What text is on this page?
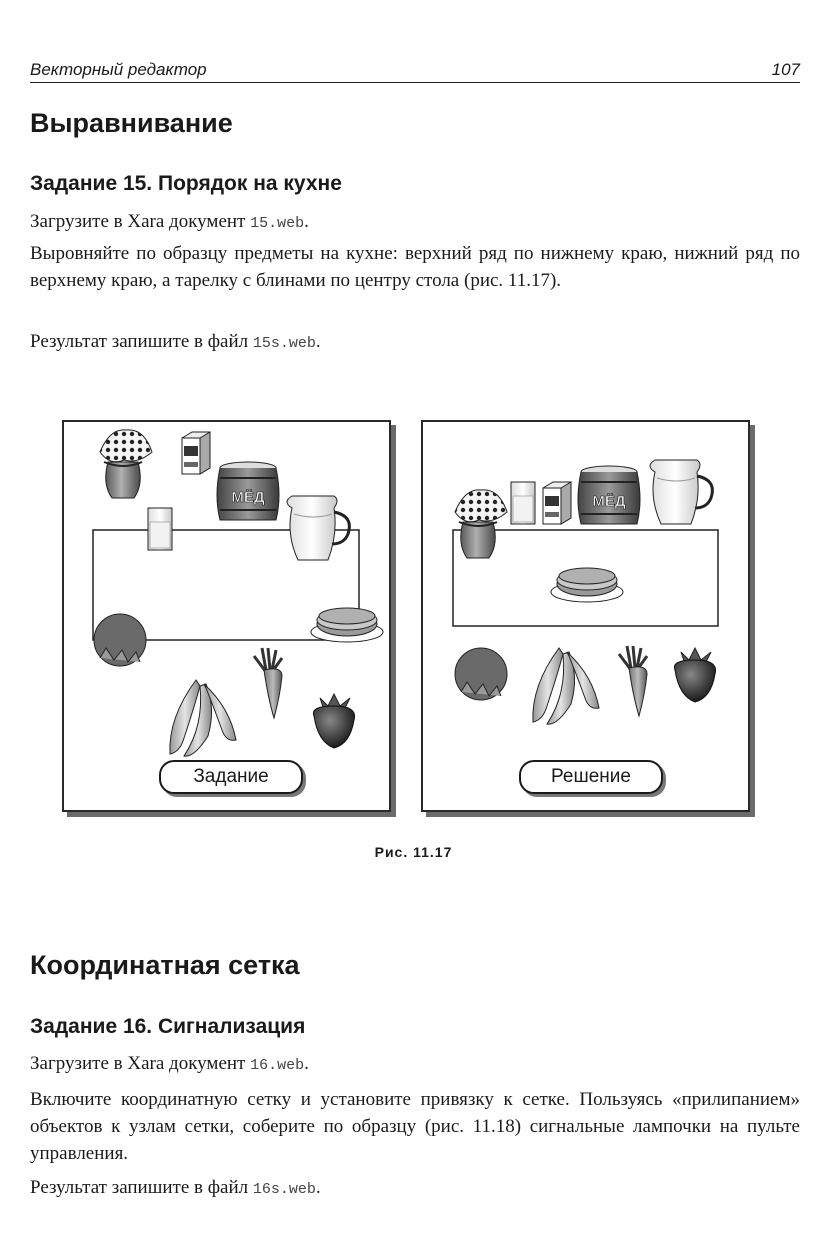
Векторный редактор	107
Выравнивание
Задание 15. Порядок на кухне

Загрузите в Xara документ 15.web.

Выровняйте по образцу предметы на кухне: верхний ряд по нижнему краю, нижний ряд по верхнему краю, а тарелку с блинами по центру стола (рис. 11.17).

Результат запишите в файл 15s.web.

МЁД
Задание
МЁД
Решение
Рис. 11.17
Координатная сетка
Задание 16. Сигнализация

Загрузите в Xara документ 16.web.

Включите координатную сетку и установите привязку к сетке. Пользуясь «прилипанием» объектов к узлам сетки, соберите по образцу (рис. 11.18) сигнальные лампочки на пульте управления.

Результат запишите в файл 16s.web.
